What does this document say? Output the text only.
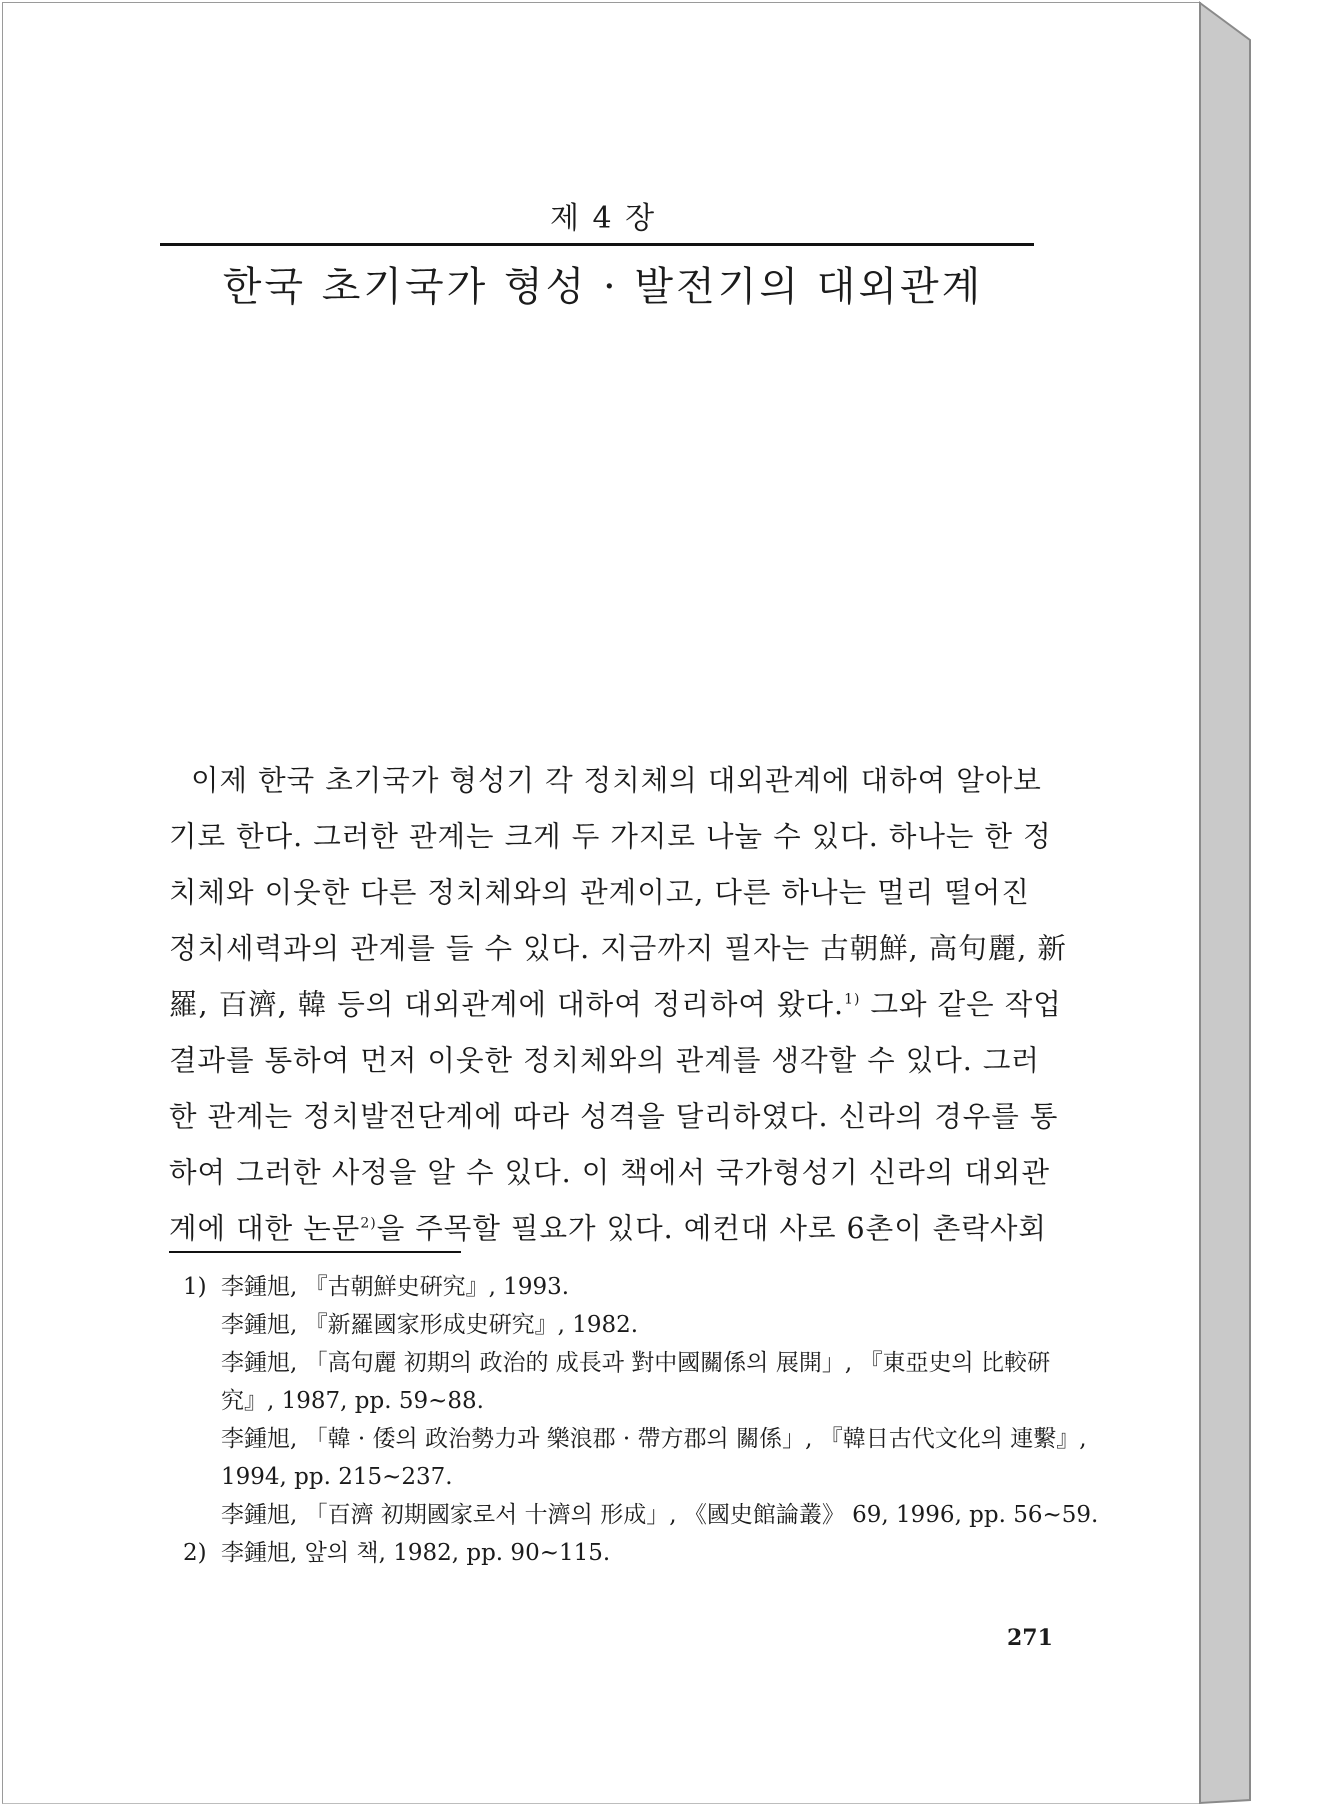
제 4 장
한국 초기국가 형성 · 발전기의 대외관계
이제 한국 초기국가 형성기 각 정치체의 대외관계에 대하여 알아보
기로 한다. 그러한 관계는 크게 두 가지로 나눌 수 있다. 하나는 한 정
치체와 이웃한 다른 정치체와의 관계이고, 다른 하나는 멀리 떨어진
정치세력과의 관계를 들 수 있다. 지금까지 필자는 古朝鮮, 高句麗, 新
羅, 百濟, 韓 등의 대외관계에 대하여 정리하여 왔다.$^{1)}$ 그와 같은 작업
결과를 통하여 먼저 이웃한 정치체와의 관계를 생각할 수 있다. 그러
한 관계는 정치발전단계에 따라 성격을 달리하였다. 신라의 경우를 통
하여 그러한 사정을 알 수 있다. 이 책에서 국가형성기 신라의 대외관
계에 대한 논문$^{2)}$을 주목할 필요가 있다. 예컨대 사로 6촌이 촌락사회
1) 李鍾旭, 『古朝鮮史硏究』, 1993.
李鍾旭, 『新羅國家形成史硏究』, 1982.
李鍾旭, 「高句麗 初期의 政治的 成長과 對中國關係의 展開」, 『東亞史의 比較硏
究』, 1987, pp. 59~88.
李鍾旭, 「韓 · 倭의 政治勢力과 樂浪郡 · 帶方郡의 關係」, 『韓日古代文化의 連繫』,
1994, pp. 215~237.
李鍾旭, 「百濟 初期國家로서 十濟의 形成」, 《國史館論叢》 69, 1996, pp. 56~59.
2) 李鍾旭, 앞의 책, 1982, pp. 90~115.
271
